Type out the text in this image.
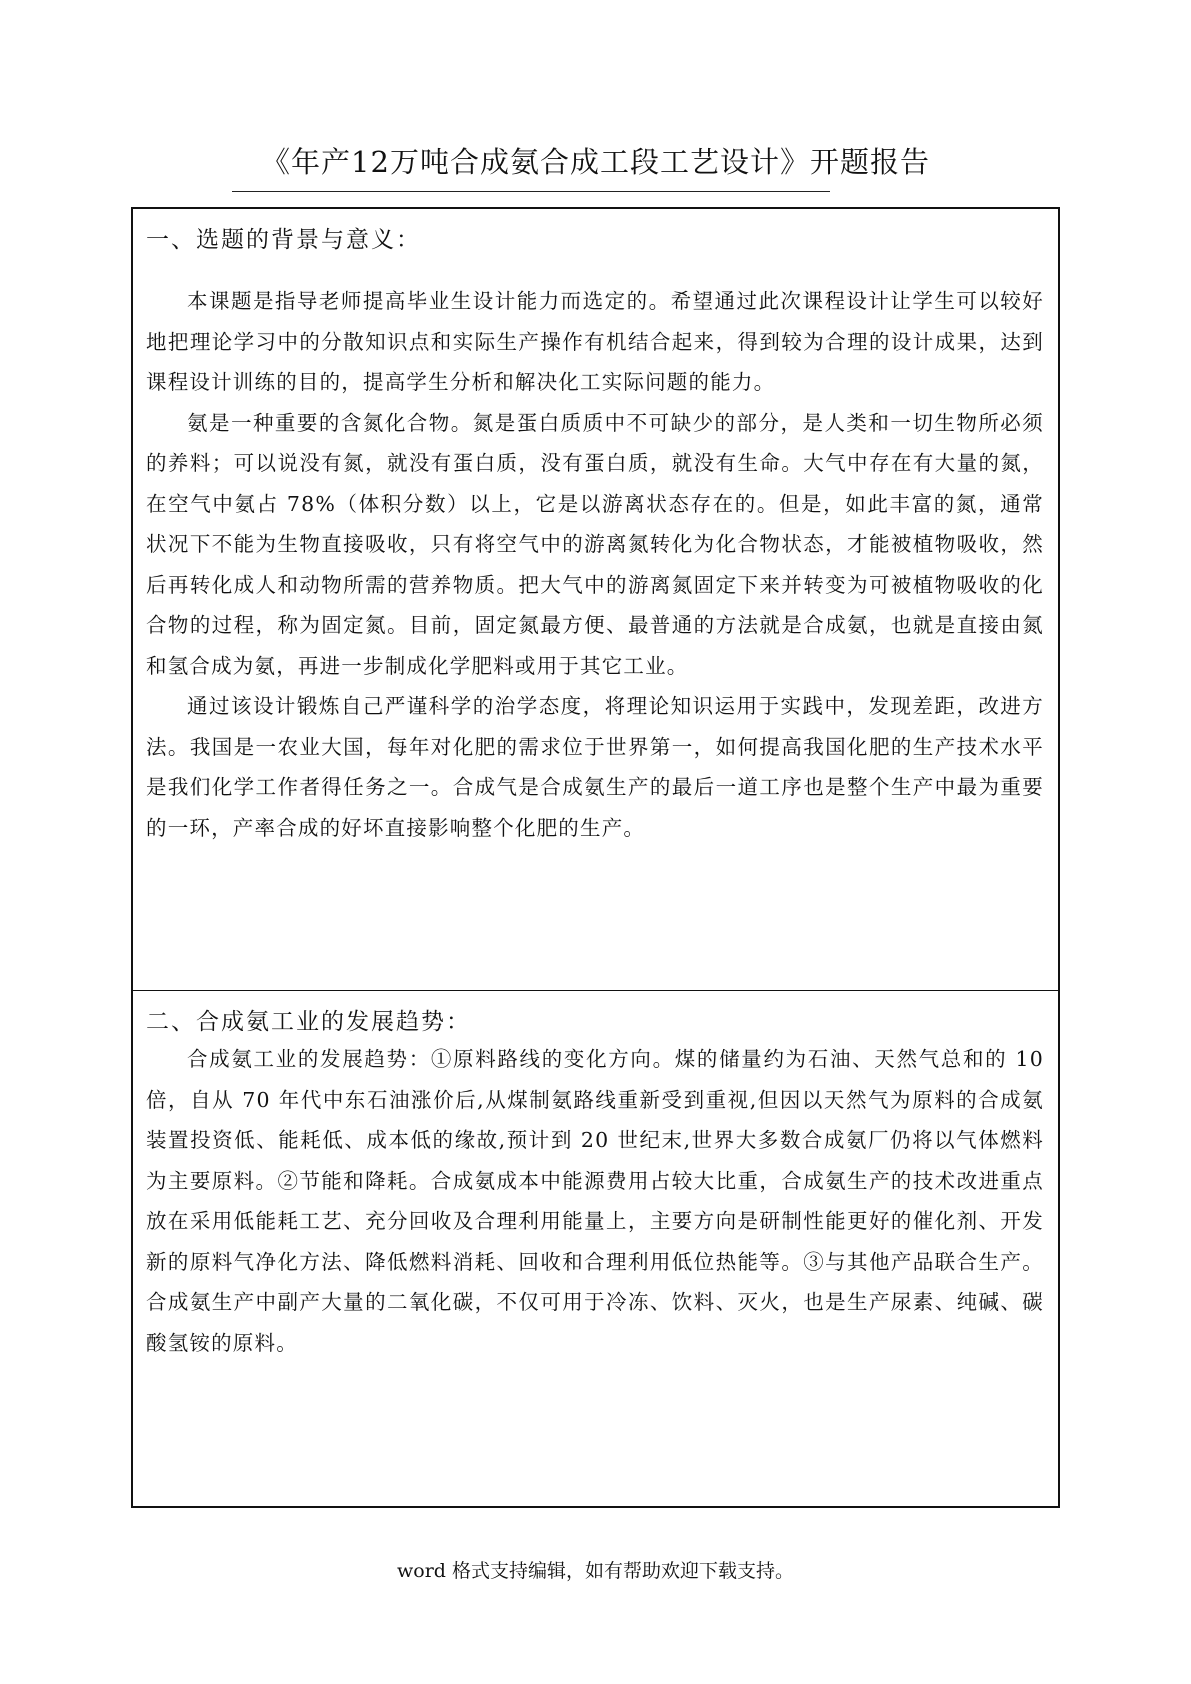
《年产12万吨合成氨合成工段工艺设计》开题报告
一、选题的背景与意义：

本课题是指导老师提高毕业生设计能力而选定的。希望通过此次课程设计让学生可以较好地把理论学习中的分散知识点和实际生产操作有机结合起来，得到较为合理的设计成果，达到课程设计训练的目的，提高学生分析和解决化工实际问题的能力。

氨是一种重要的含氮化合物。氮是蛋白质质中不可缺少的部分，是人类和一切生物所必须的养料；可以说没有氮，就没有蛋白质，没有蛋白质，就没有生命。大气中存在有大量的氮，在空气中氨占 78%（体积分数）以上，它是以游离状态存在的。但是，如此丰富的氮，通常状况下不能为生物直接吸收，只有将空气中的游离氮转化为化合物状态，才能被植物吸收，然后再转化成人和动物所需的营养物质。把大气中的游离氮固定下来并转变为可被植物吸收的化合物的过程，称为固定氮。目前，固定氮最方便、最普通的方法就是合成氨，也就是直接由氮和氢合成为氨，再进一步制成化学肥料或用于其它工业。

通过该设计锻炼自己严谨科学的治学态度，将理论知识运用于实践中，发现差距，改进方法。我国是一农业大国，每年对化肥的需求位于世界第一，如何提高我国化肥的生产技术水平是我们化学工作者得任务之一。合成气是合成氨生产的最后一道工序也是整个生产中最为重要的一环，产率合成的好坏直接影响整个化肥的生产。

二、合成氨工业的发展趋势：

合成氨工业的发展趋势：①原料路线的变化方向。煤的储量约为石油、天然气总和的 10 倍，自从 70 年代中东石油涨价后,从煤制氨路线重新受到重视,但因以天然气为原料的合成氨装置投资低、能耗低、成本低的缘故,预计到 20 世纪末,世界大多数合成氨厂仍将以气体燃料为主要原料。②节能和降耗。合成氨成本中能源费用占较大比重，合成氨生产的技术改进重点放在采用低能耗工艺、充分回收及合理利用能量上，主要方向是研制性能更好的催化剂、开发新的原料气净化方法、降低燃料消耗、回收和合理利用低位热能等。③与其他产品联合生产。合成氨生产中副产大量的二氧化碳，不仅可用于冷冻、饮料、灭火，也是生产尿素、纯碱、碳酸氢铵的原料。

word 格式支持编辑，如有帮助欢迎下载支持。
